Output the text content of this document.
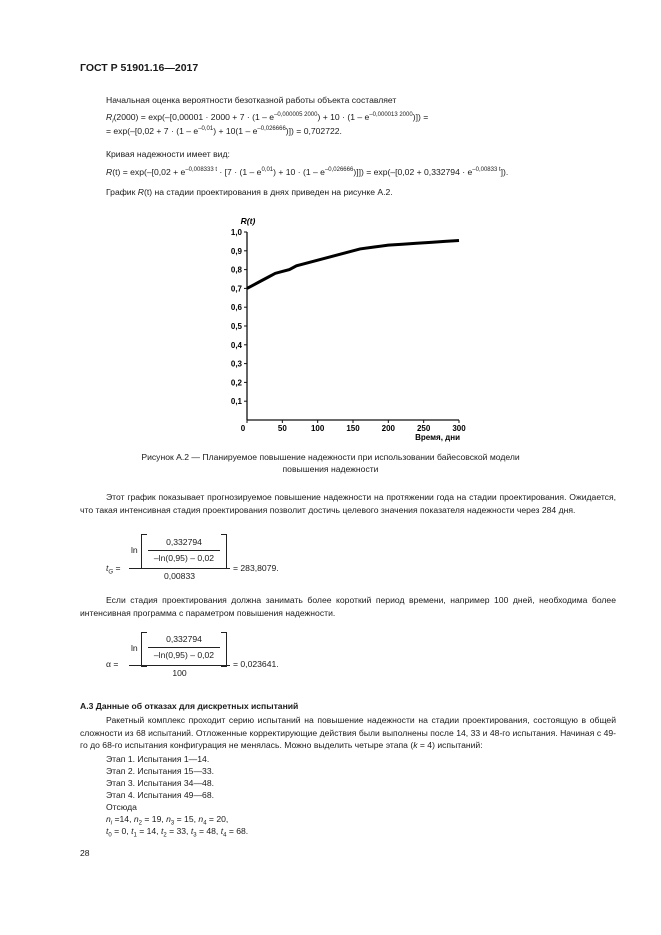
ГОСТ Р 51901.16—2017
Начальная оценка вероятности безотказной работы объекта составляет
$R_i(2000) = \exp(-[0,00001 \cdot 2000 + 7 \cdot (1 - e^{-0,000005 2000}) + 10 \cdot (1 - e^{-0,000013 2000})])$ =
= $\exp(-[0,02 + 7 \cdot (1 - e^{-0,01}) + 10(1 - e^{-0,026666})]) = 0,702722$.
Кривая надежности имеет вид:
$R(t) = \exp(-[0,02 + e^{-0,008333 t} \cdot [7 \cdot (1 - e^{0,01}) + 10 \cdot (1 - e^{-0,026666})]]) = \exp(-[0,02 + 0,332794 \cdot e^{-0,00833 t}])$.
График R(t) на стадии проектирования в днях приведен на рисунке А.2.
R(t)
0,1
0,2
0,3
0,4
0,5
0,6
0,7
0,8
0,9
1,0
0	50	100	150	200	250	300
Время, дни
Рисунок А.2 — Планируемое повышение надежности при использовании байесовской модели
повышения надежности
Этот график показывает прогнозируемое повышение надежности на протяжении года на стадии проектирования. Ожидается, что такая интенсивная стадия проектирования позволит достичь целевого значения показателя надежности через 284 дня.
$t_G$ =
ln
0,332794
–ln(0,95) – 0,02
0,00833
= 283,8079.
Если стадия проектирования должна занимать более короткий период времени, например 100 дней, необходима более интенсивная программа с параметром повышения надежности.
α =
ln
0,332794
–ln(0,95) – 0,02
100
= 0,023641.
А.3 Данные об отказах для дискретных испытаний
Ракетный комплекс проходит серию испытаний на повышение надежности на стадии проектирования, состоящую в общей сложности из 68 испытаний. Отложенные корректирующие действия были выполнены после 14, 33 и 48-го испытания. Начиная с 49-го до 68-го испытания конфигурация не менялась. Можно выделить четыре этапа (k = 4) испытаний:
Этап 1. Испытания 1—14.
Этап 2. Испытания 15—33.
Этап 3. Испытания 34—48.
Этап 4. Испытания 49—68.
Отсюда
$n_i =14$, $n_2 = 19$, $n_3 = 15$, $n_4 = 20$,
$t_0 = 0$, $t_1 = 14$, $t_2 = 33$, $t_3 = 48$, $t_4 = 68$.
28
